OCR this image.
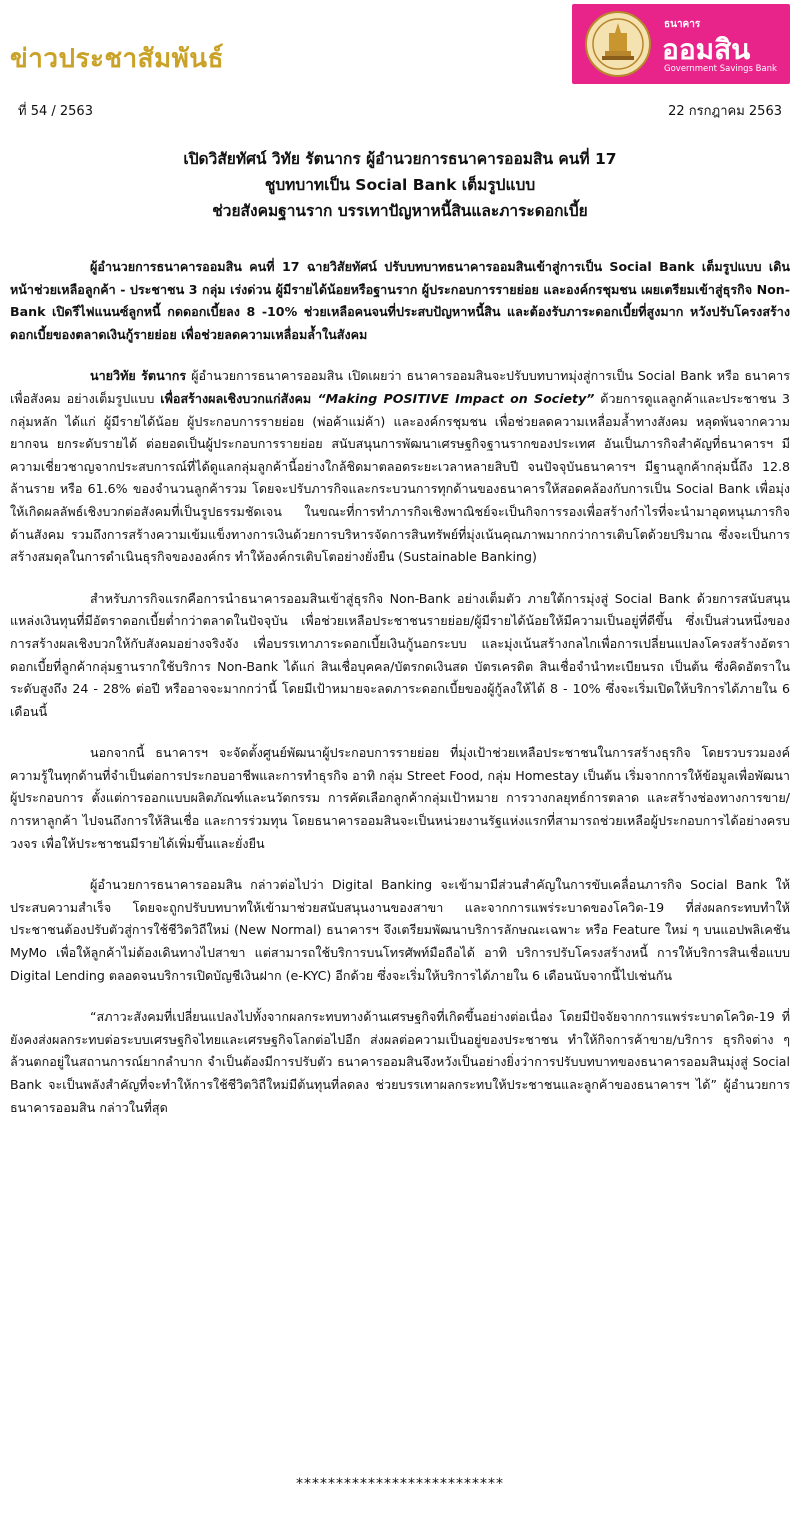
ข่าวประชาสัมพันธ์
ธนาคาร
ออมสิน
Government Savings Bank
ที่ 54 / 2563	22 กรกฎาคม 2563
เปิดวิสัยทัศน์ วิทัย รัตนากร ผู้อำนวยการธนาคารออมสิน คนที่ 17
ชูบทบาทเป็น Social Bank เต็มรูปแบบ
ช่วยสังคมฐานราก บรรเทาปัญหาหนี้สินและภาระดอกเบี้ย

ผู้อำนวยการธนาคารออมสิน คนที่ 17 ฉายวิสัยทัศน์ ปรับบทบาทธนาคารออมสินเข้าสู่การเป็น Social Bank เต็มรูปแบบ เดินหน้าช่วยเหลือลูกค้า - ประชาชน 3 กลุ่ม เร่งด่วน ผู้มีรายได้น้อยหรือฐานราก ผู้ประกอบการรายย่อย และองค์กรชุมชน เผยเตรียมเข้าสู่ธุรกิจ Non-Bank เปิดรีไฟแนนซ์ลูกหนี้ กดดอกเบี้ยลง 8 -10% ช่วยเหลือคนจนที่ประสบปัญหาหนี้สิน และต้องรับภาระดอกเบี้ยที่สูงมาก หวังปรับโครงสร้างดอกเบี้ยของตลาดเงินกู้รายย่อย เพื่อช่วยลดความเหลื่อมล้ำในสังคม

นายวิทัย รัตนากร ผู้อำนวยการธนาคารออมสิน เปิดเผยว่า ธนาคารออมสินจะปรับบทบาทมุ่งสู่การเป็น Social Bank หรือ ธนาคารเพื่อสังคม อย่างเต็มรูปแบบ เพื่อสร้างผลเชิงบวกแก่สังคม “Making POSITIVE Impact on Society” ด้วยการดูแลลูกค้าและประชาชน 3 กลุ่มหลัก ได้แก่ ผู้มีรายได้น้อย ผู้ประกอบการรายย่อย (พ่อค้าแม่ค้า) และองค์กรชุมชน เพื่อช่วยลดความเหลื่อมล้ำทางสังคม หลุดพ้นจากความยากจน ยกระดับรายได้ ต่อยอดเป็นผู้ประกอบการรายย่อย สนับสนุนการพัฒนาเศรษฐกิจฐานรากของประเทศ อันเป็นภารกิจสำคัญที่ธนาคารฯ มีความเชี่ยวชาญจากประสบการณ์ที่ได้ดูแลกลุ่มลูกค้านี้อย่างใกล้ชิดมาตลอดระยะเวลาหลายสิบปี จนปัจจุบันธนาคารฯ มีฐานลูกค้ากลุ่มนี้ถึง 12.8 ล้านราย หรือ 61.6% ของจำนวนลูกค้ารวม โดยจะปรับภารกิจและกระบวนการทุกด้านของธนาคารให้สอดคล้องกับการเป็น Social Bank เพื่อมุ่งให้เกิดผลลัพธ์เชิงบวกต่อสังคมที่เป็นรูปธรรมชัดเจน ในขณะที่การทำภารกิจเชิงพาณิชย์จะเป็นกิจการรองเพื่อสร้างกำไรที่จะนำมาอุดหนุนภารกิจด้านสังคม รวมถึงการสร้างความเข้มแข็งทางการเงินด้วยการบริหารจัดการสินทรัพย์ที่มุ่งเน้นคุณภาพมากกว่าการเติบโตด้วยปริมาณ ซึ่งจะเป็นการสร้างสมดุลในการดำเนินธุรกิจขององค์กร ทำให้องค์กรเติบโตอย่างยั่งยืน (Sustainable Banking)

สำหรับภารกิจแรกคือการนำธนาคารออมสินเข้าสู่ธุรกิจ Non-Bank อย่างเต็มตัว ภายใต้การมุ่งสู่ Social Bank ด้วยการสนับสนุนแหล่งเงินทุนที่มีอัตราดอกเบี้ยต่ำกว่าตลาดในปัจจุบัน เพื่อช่วยเหลือประชาชนรายย่อย/ผู้มีรายได้น้อยให้มีความเป็นอยู่ที่ดีขึ้น ซึ่งเป็นส่วนหนึ่งของการสร้างผลเชิงบวกให้กับสังคมอย่างจริงจัง เพื่อบรรเทาภาระดอกเบี้ยเงินกู้นอกระบบ และมุ่งเน้นสร้างกลไกเพื่อการเปลี่ยนแปลงโครงสร้างอัตราดอกเบี้ยที่ลูกค้ากลุ่มฐานรากใช้บริการ Non-Bank ได้แก่ สินเชื่อบุคคล/บัตรกดเงินสด บัตรเครดิต สินเชื่อจำนำทะเบียนรถ เป็นต้น ซึ่งคิดอัตราในระดับสูงถึง 24 - 28% ต่อปี หรืออาจจะมากกว่านี้ โดยมีเป้าหมายจะลดภาระดอกเบี้ยของผู้กู้ลงให้ได้ 8 - 10% ซึ่งจะเริ่มเปิดให้บริการได้ภายใน 6 เดือนนี้

นอกจากนี้ ธนาคารฯ จะจัดตั้งศูนย์พัฒนาผู้ประกอบการรายย่อย ที่มุ่งเป้าช่วยเหลือประชาชนในการสร้างธุรกิจ โดยรวบรวมองค์ความรู้ในทุกด้านที่จำเป็นต่อการประกอบอาชีพและการทำธุรกิจ อาทิ กลุ่ม Street Food, กลุ่ม Homestay เป็นต้น เริ่มจากการให้ข้อมูลเพื่อพัฒนาผู้ประกอบการ ตั้งแต่การออกแบบผลิตภัณฑ์และนวัตกรรม การคัดเลือกลูกค้ากลุ่มเป้าหมาย การวางกลยุทธ์การตลาด และสร้างช่องทางการขาย/การหาลูกค้า ไปจนถึงการให้สินเชื่อ และการร่วมทุน โดยธนาคารออมสินจะเป็นหน่วยงานรัฐแห่งแรกที่สามารถช่วยเหลือผู้ประกอบการได้อย่างครบวงจร เพื่อให้ประชาชนมีรายได้เพิ่มขึ้นและยั่งยืน

ผู้อำนวยการธนาคารออมสิน กล่าวต่อไปว่า Digital Banking จะเข้ามามีส่วนสำคัญในการขับเคลื่อนภารกิจ Social Bank ให้ประสบความสำเร็จ โดยจะถูกปรับบทบาทให้เข้ามาช่วยสนับสนุนงานของสาขา และจากการแพร่ระบาดของโควิด-19 ที่ส่งผลกระทบทำให้ประชาชนต้องปรับตัวสู่การใช้ชีวิตวิถีใหม่ (New Normal) ธนาคารฯ จึงเตรียมพัฒนาบริการลักษณะเฉพาะ หรือ Feature ใหม่ ๆ บนแอปพลิเคชัน MyMo เพื่อให้ลูกค้าไม่ต้องเดินทางไปสาขา แต่สามารถใช้บริการบนโทรศัพท์มือถือได้ อาทิ บริการปรับโครงสร้างหนี้ การให้บริการสินเชื่อแบบ Digital Lending ตลอดจนบริการเปิดบัญชีเงินฝาก (e-KYC) อีกด้วย ซึ่งจะเริ่มให้บริการได้ภายใน 6 เดือนนับจากนี้ไปเช่นกัน

“สภาวะสังคมที่เปลี่ยนแปลงไปทั้งจากผลกระทบทางด้านเศรษฐกิจที่เกิดขึ้นอย่างต่อเนื่อง โดยมีปัจจัยจากการแพร่ระบาดโควิด-19 ที่ยังคงส่งผลกระทบต่อระบบเศรษฐกิจไทยและเศรษฐกิจโลกต่อไปอีก ส่งผลต่อความเป็นอยู่ของประชาชน ทำให้กิจการค้าขาย/บริการ ธุรกิจต่าง ๆ ล้วนตกอยู่ในสถานการณ์ยากลำบาก จำเป็นต้องมีการปรับตัว ธนาคารออมสินจึงหวังเป็นอย่างยิ่งว่าการปรับบทบาทของธนาคารออมสินมุ่งสู่ Social Bank จะเป็นพลังสำคัญที่จะทำให้การใช้ชีวิตวิถีใหม่มีต้นทุนที่ลดลง ช่วยบรรเทาผลกระทบให้ประชาชนและลูกค้าของธนาคารฯ ได้” ผู้อำนวยการธนาคารออมสิน กล่าวในที่สุด

**************************
